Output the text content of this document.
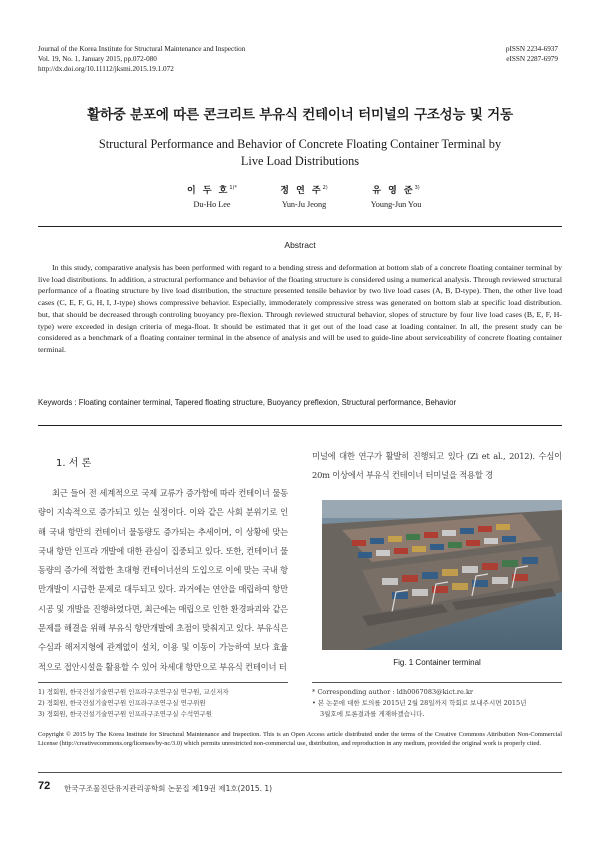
Journal of the Korea Institute for Structural Maintenance and Inspection
Vol. 19, No. 1, January 2015, pp.072-080
http://dx.doi.org/10.11112/jksmi.2015.19.1.072
pISSN 2234-6937
eISSN 2287-6979
활하중 분포에 따른 콘크리트 부유식 컨테이너 터미널의 구조성능 및 거동
Structural Performance and Behavior of Concrete Floating Container Terminal by
Live Load Distributions
이 두 호$^{1)*}$
Du-Ho Lee
정 연 주$^{2)}$
Yun-Ju Jeong
유 영 준$^{3)}$
Young-Jun You
Abstract

In this study, comparative analysis has been performed with regard to a bending stress and deformation at bottom slab of a concrete floating container terminal by live load distributions. In addition, a structural performance and behavior of the floating structure is considered using a numerical analysis. Through reviewed structural performance of a floating structure by live load distribution, the structure presented tensile behavior by two live load cases (A, B, D-type). Then, the other live load cases (C, E, F, G, H, I, J-type) shows compressive behavior. Especially, immoderately compressive stress was generated on bottom slab at specific load distribution. but, that should be decreased through controling buoyancy pre-flexion. Through reviewed structural behavior, slopes of structure by four live load cases (B, E, F, H-type) were exceeded in design criteria of mega-float. It should be estimated that it get out of the load case at loading container. In all, the present study can be considered as a benchmark of a floating container terminal in the absence of analysis and will be used to guide-line about serviceability of concrete floating container terminal.

Keywords : Floating container terminal, Tapered floating structure, Buoyancy preflexion, Structural performance, Behavior
1. 서 론

최근 들어 전 세계적으로 국제 교류가 증가함에 따라 컨테이너 물동량이 지속적으로 증가되고 있는 실정이다. 이와 같은 사회 분위기로 인해 국내 항만의 컨테이너 물동량도 증가되는 추세이며, 이 상황에 맞는 국내 항만 인프라 개발에 대한 관심이 집중되고 있다. 또한, 컨테이너 물동량의 증가에 적합한 초대형 컨테이너선의 도입으로 이에 맞는 국내 항만개발이 시급한 문제로 대두되고 있다. 과거에는 연안을 매립하여 항만시공 및 개발을 진행하였다면, 최근에는 매립으로 인한 환경파괴와 같은 문제를 해결을 위해 부유식 항만개발에 초점이 맞춰지고 있다. 부유식은 수심과 해저지형에 관계없이 설치, 이용 및 이동이 가능하여 보다 효율적으로 접안시설을 활용할 수 있어 차세대 항만으로 부유식 컨테이너 터

미널에 대한 연구가 활발히 진행되고 있다 (Zi et al., 2012). 수심이 20m 이상에서 부유식 컨테이너 터미널을 적용할 경

Fig. 1 Container terminal
1) 정회원, 한국건설기술연구원 인프라구조연구실 연구원, 교신저자
2) 정회원, 한국건설기술연구원 인프라구조연구실 연구위원
3) 정회원, 한국건설기술연구원 인프라구조연구실 수석연구원
* Corresponding author : ldh0067083@kict.re.kr
• 본 논문에 대한 토의를 2015년 2월 28일까지 학회로 보내주시면 2015년
3월호에 토론결과를 게재하겠습니다.

Copyright © 2015 by The Korea Institute for Structural Maintenance and Inspection. This is an Open Access article distributed under the terms of the Creative Commons Attribution Non-Commercial License (http://creativecommons.org/licenses/by-nc/3.0) which permits unrestricted non-commercial use, distribution, and reproduction in any medium, provided the original work is properly cited.

72 한국구조물진단유지관리공학회 논문집 제19권 제1호(2015. 1)
